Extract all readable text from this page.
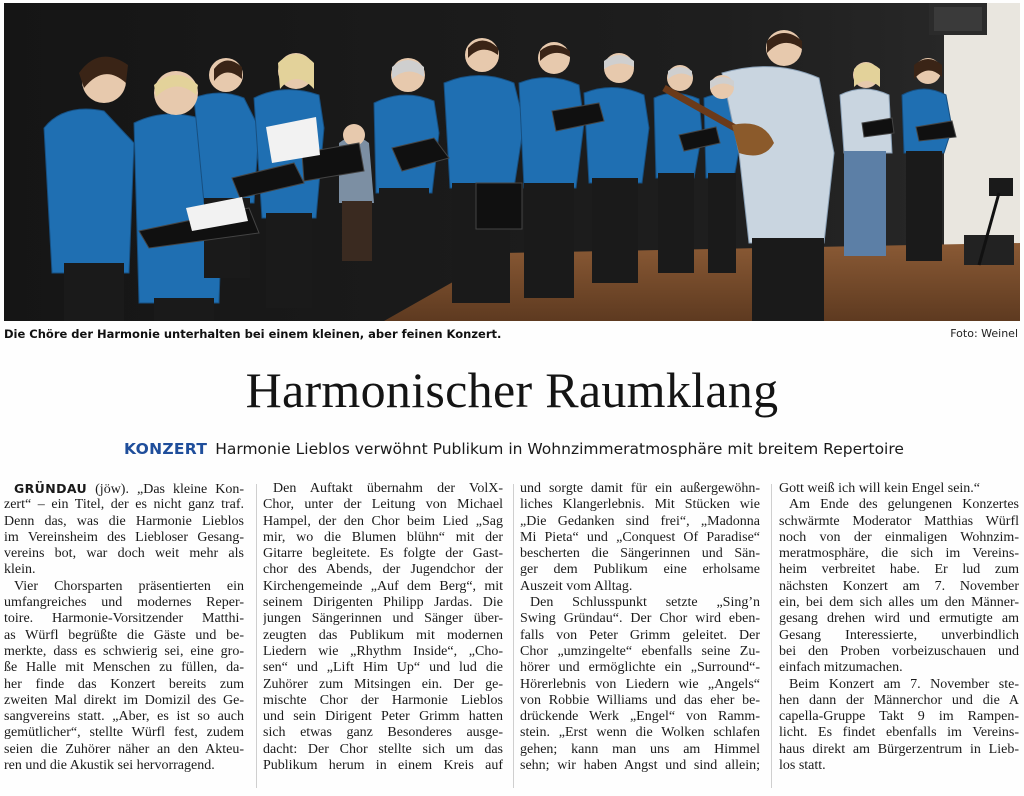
Die Chöre der Harmonie unterhalten bei einem kleinen, aber feinen Konzert.	Foto: Weinel
Harmonischer Raumklang
KONZERT Harmonie Lieblos verwöhnt Publikum in Wohnzimmeratmosphäre mit breitem Repertoire
GRÜNDAU (jöw). „Das kleine Kon-
zert“ – ein Titel, der es nicht ganz traf.
Denn das, was die Harmonie Lieblos
im Vereinsheim des Liebloser Gesang-
vereins bot, war doch weit mehr als
klein.
Vier Chorsparten präsentierten ein
umfangreiches und modernes Reper-
toire. Harmonie-Vorsitzender Matthi-
as Würfl begrüßte die Gäste und be-
merkte, dass es schwierig sei, eine gro-
ße Halle mit Menschen zu füllen, da-
her finde das Konzert bereits zum
zweiten Mal direkt im Domizil des Ge-
sangvereins statt. „Aber, es ist so auch
gemütlicher“, stellte Würfl fest, zudem
seien die Zuhörer näher an den Akteu-
ren und die Akustik sei hervorragend.
Den Auftakt übernahm der VolX-
Chor, unter der Leitung von Michael
Hampel, der den Chor beim Lied „Sag
mir, wo die Blumen blühn“ mit der
Gitarre begleitete. Es folgte der Gast-
chor des Abends, der Jugendchor der
Kirchengemeinde „Auf dem Berg“, mit
seinem Dirigenten Philipp Jardas. Die
jungen Sängerinnen und Sänger über-
zeugten das Publikum mit modernen
Liedern wie „Rhythm Inside“, „Cho-
sen“ und „Lift Him Up“ und lud die
Zuhörer zum Mitsingen ein. Der ge-
mischte Chor der Harmonie Lieblos
und sein Dirigent Peter Grimm hatten
sich etwas ganz Besonderes ausge-
dacht: Der Chor stellte sich um das
Publikum herum in einem Kreis auf
und sorgte damit für ein außergewöhn-
liches Klangerlebnis. Mit Stücken wie
„Die Gedanken sind frei“, „Madonna
Mi Pieta“ und „Conquest Of Paradise“
bescherten die Sängerinnen und Sän-
ger dem Publikum eine erholsame
Auszeit vom Alltag.
Den Schlusspunkt setzte „Sing’n
Swing Gründau“. Der Chor wird eben-
falls von Peter Grimm geleitet. Der
Chor „umzingelte“ ebenfalls seine Zu-
hörer und ermöglichte ein „Surround“-
Hörerlebnis von Liedern wie „Angels“
von Robbie Williams und das eher be-
drückende Werk „Engel“ von Ramm-
stein. „Erst wenn die Wolken schlafen
gehen; kann man uns am Himmel
sehn; wir haben Angst und sind allein;
Gott weiß ich will kein Engel sein.“
Am Ende des gelungenen Konzertes
schwärmte Moderator Matthias Würfl
noch von der einmaligen Wohnzim-
meratmosphäre, die sich im Vereins-
heim verbreitet habe. Er lud zum
nächsten Konzert am 7. November
ein, bei dem sich alles um den Männer-
gesang drehen wird und ermutigte am
Gesang Interessierte, unverbindlich
bei den Proben vorbeizuschauen und
einfach mitzumachen.
Beim Konzert am 7. November ste-
hen dann der Männerchor und die A
capella-Gruppe Takt 9 im Rampen-
licht. Es findet ebenfalls im Vereins-
haus direkt am Bürgerzentrum in Lieb-
los statt.
